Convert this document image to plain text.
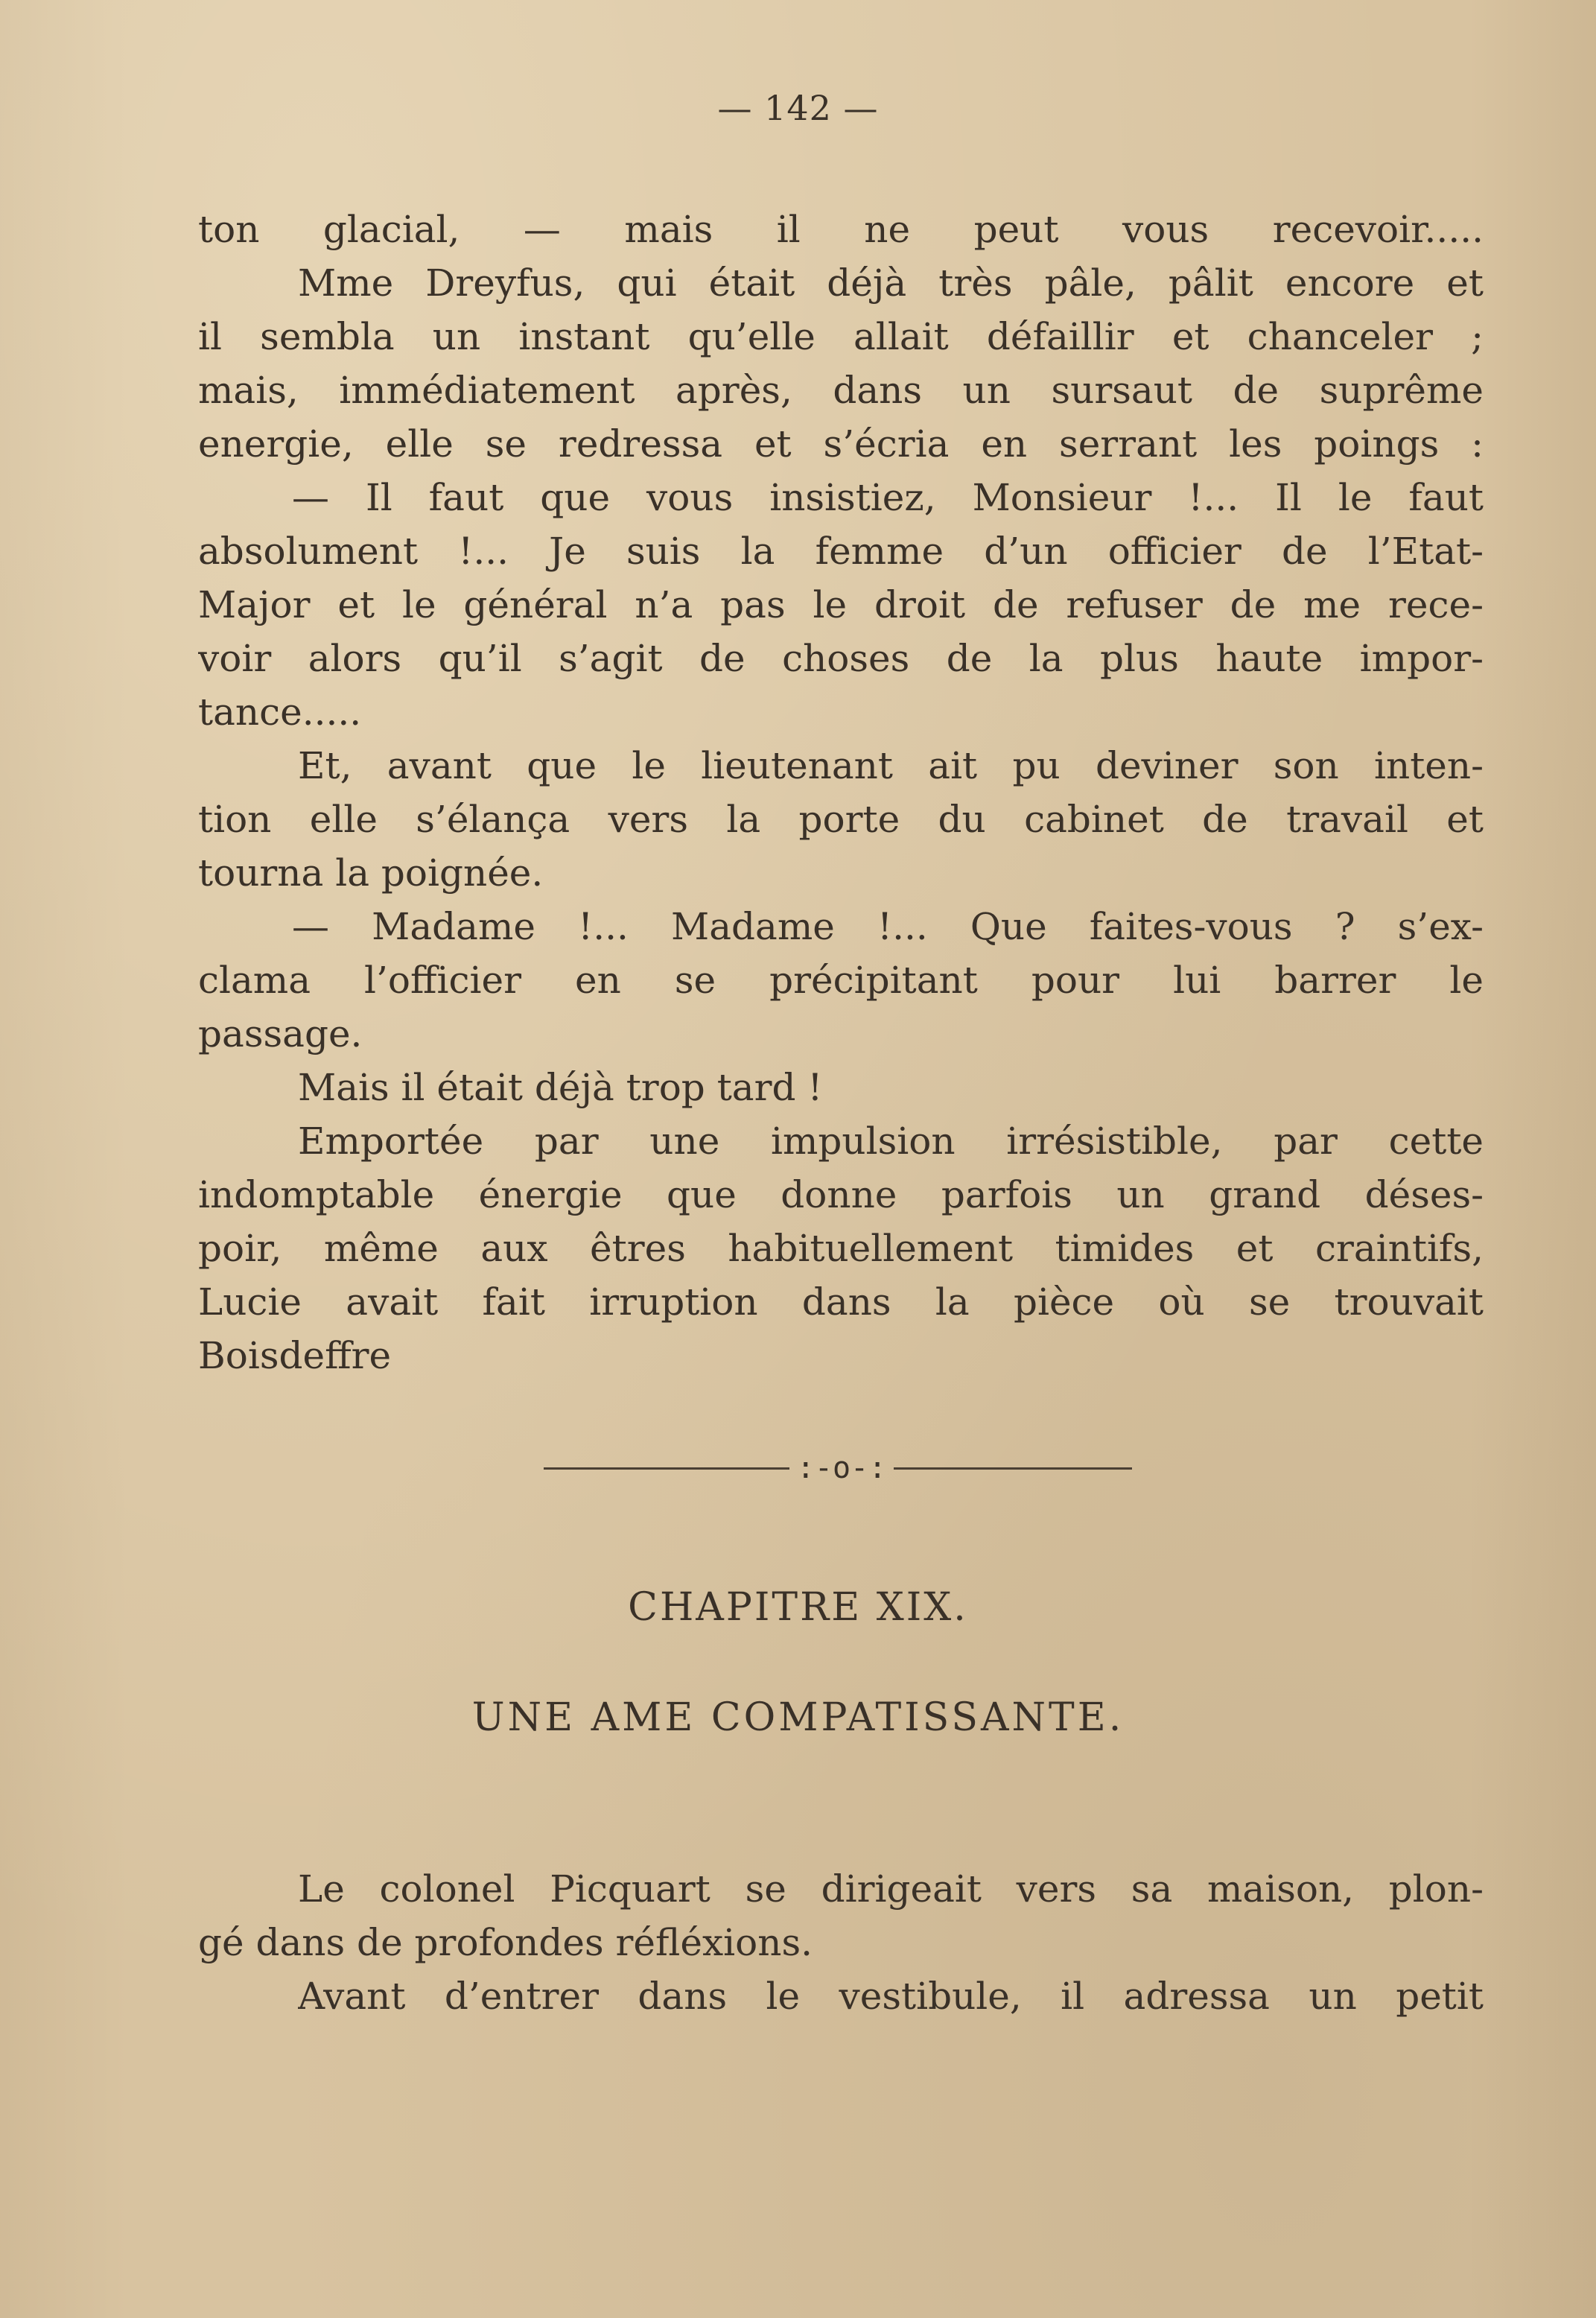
— 142 —
ton glacial, — mais il ne peut vous recevoir.....
Mme Dreyfus, qui était déjà très pâle, pâlit encore et
il sembla un instant qu’elle allait défaillir et chanceler ;
mais, immédiatement après, dans un sursaut de suprême
energie, elle se redressa et s’écria en serrant les poings :
— Il faut que vous insistiez, Monsieur !... Il le faut
absolument !... Je suis la femme d’un officier de l’Etat-
Major et le général n’a pas le droit de refuser de me rece-
voir alors qu’il s’agit de choses de la plus haute impor-
tance.....
Et, avant que le lieutenant ait pu deviner son inten-
tion elle s’élança vers la porte du cabinet de travail et
tourna la poignée.
— Madame !... Madame !... Que faites-vous ? s’ex-
clama l’officier en se précipitant pour lui barrer le
passage.
Mais il était déjà trop tard !
Emportée par une impulsion irrésistible, par cette
indomptable énergie que donne parfois un grand déses-
poir, même aux êtres habituellement timides et craintifs,
Lucie avait fait irruption dans la pièce où se trouvait
Boisdeffre
:-o-:
CHAPITRE XIX.
UNE AME COMPATISSANTE.
Le colonel Picquart se dirigeait vers sa maison, plon-
gé dans de profondes réfléxions.
Avant d’entrer dans le vestibule, il adressa un petit
